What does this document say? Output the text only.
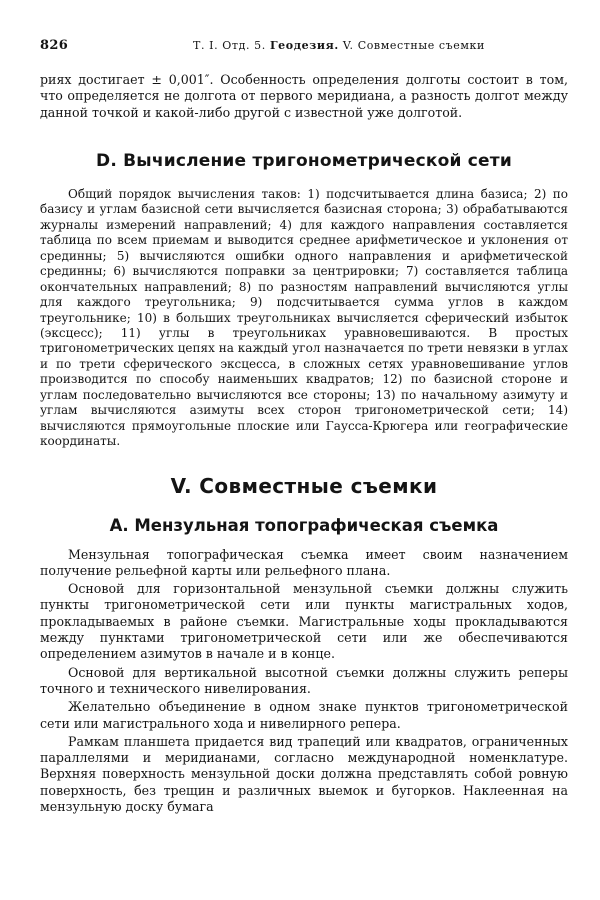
826	Т. I. Отд. 5. Геодезия. V. Совместные съемки

риях достигает ± 0,001″. Особенность определения долготы состоит в том, что определяется не долгота от первого меридиана, а разность долгот между данной точкой и какой-либо другой с известной уже долготой.

D. Вычисление тригонометрической сети

Общий порядок вычисления таков: 1) подсчитывается длина базиса; 2) по базису и углам базисной сети вычисляется базисная сторона; 3) обрабатываются журналы измерений направлений; 4) для каждого направления составляется таблица по всем приемам и выводится среднее арифметическое и уклонения от срединны; 5) вычисляются ошибки одного направления и арифметической срединны; 6) вычисляются поправки за центрировки; 7) составляется таблица окончательных направлений; 8) по разностям направлений вычисляются углы для каждого треугольника; 9) подсчитывается сумма углов в каждом треугольнике; 10) в больших треугольниках вычисляется сферический избыток (эксцесс); 11) углы в треугольниках уравновешиваются. В простых тригонометрических цепях на каждый угол назначается по трети невязки в углах и по трети сферического эксцесса, в сложных сетях уравновешивание углов производится по способу наименьших квадратов; 12) по базисной стороне и углам последовательно вычисляются все стороны; 13) по начальному азимуту и углам вычисляются азимуты всех сторон тригонометрической сети; 14) вычисляются прямоугольные плоские или Гаусса-Крюгера или географические координаты.

V. Совместные съемки
А. Мензульная топографическая съемка

Мензульная топографическая съемка имеет своим назначением получение рельефной карты или рельефного плана.

Основой для горизонтальной мензульной съемки должны служить пункты тригонометрической сети или пункты магистральных ходов, прокладываемых в районе съемки. Магистральные ходы прокладываются между пунктами тригонометрической сети или же обеспечиваются определением азимутов в начале и в конце.

Основой для вертикальной высотной съемки должны служить реперы точного и технического нивелирования.

Желательно объединение в одном знаке пунктов тригонометрической сети или магистрального хода и нивелирного репера.

Рамкам планшета придается вид трапеций или квадратов, ограниченных параллелями и меридианами, согласно международной номенклатуре. Верхняя поверхность мензульной доски должна представлять собой ровную поверхность, без трещин и различных выемок и бугорков. Наклеенная на мензульную доску бумага
